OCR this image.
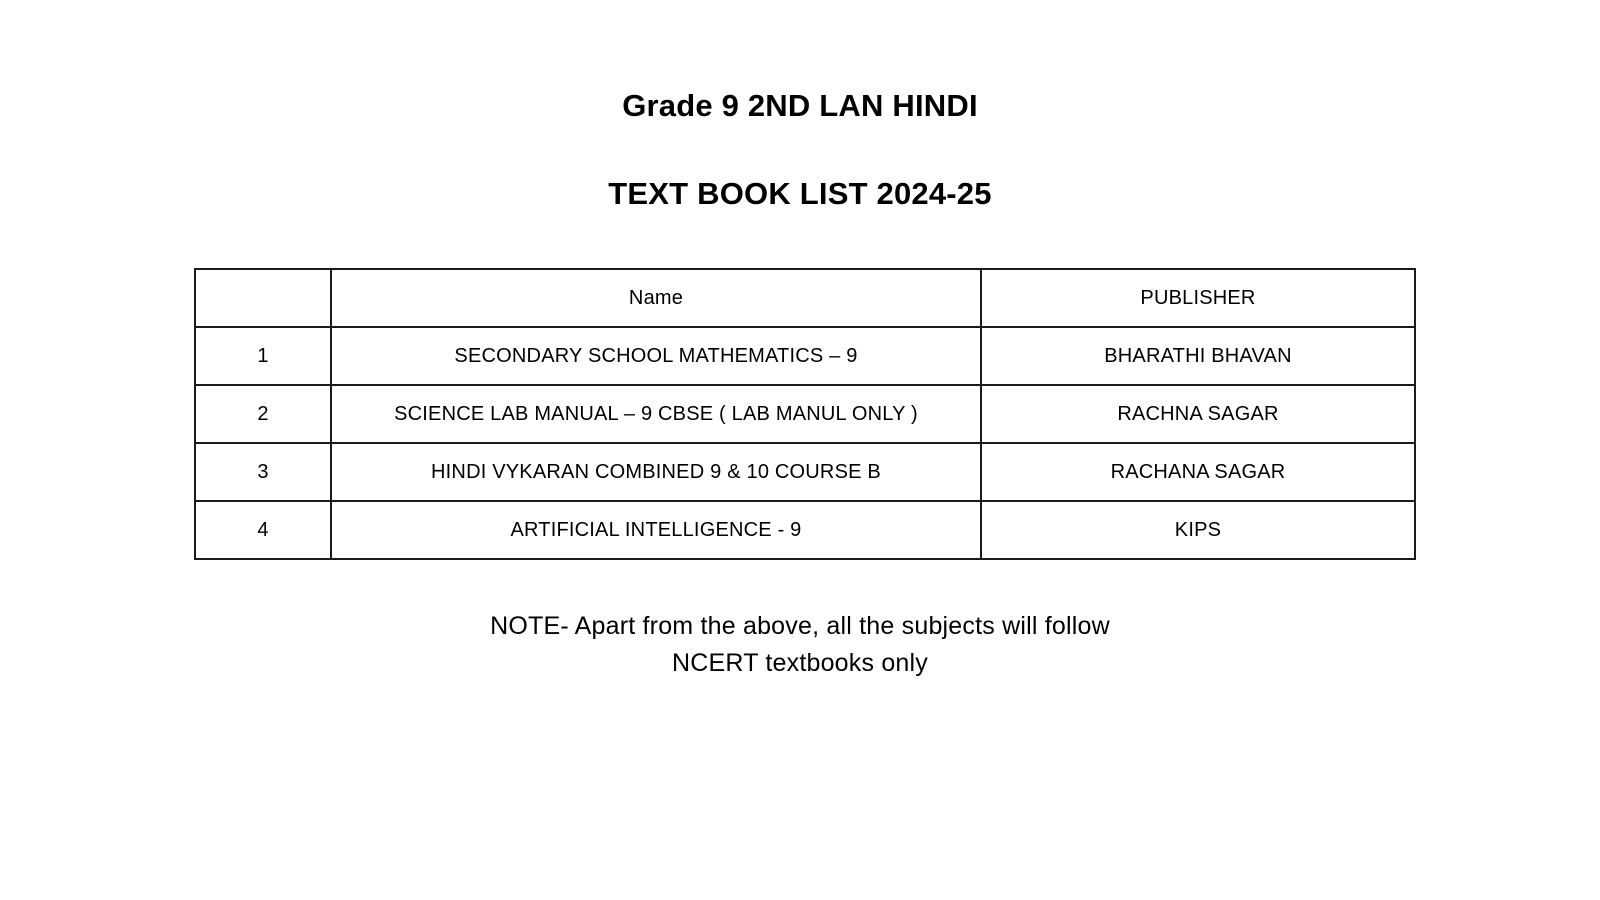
Grade 9 2ND LAN HINDI
TEXT BOOK LIST 2024-25
	Name	PUBLISHER
1	SECONDARY SCHOOL MATHEMATICS – 9	BHARATHI BHAVAN
2	SCIENCE LAB MANUAL – 9 CBSE ( LAB MANUL ONLY )	RACHNA SAGAR
3	HINDI VYKARAN COMBINED 9 & 10 COURSE B	RACHANA SAGAR
4	ARTIFICIAL INTELLIGENCE - 9	KIPS
NOTE- Apart from the above, all the subjects will follow
NCERT textbooks only
